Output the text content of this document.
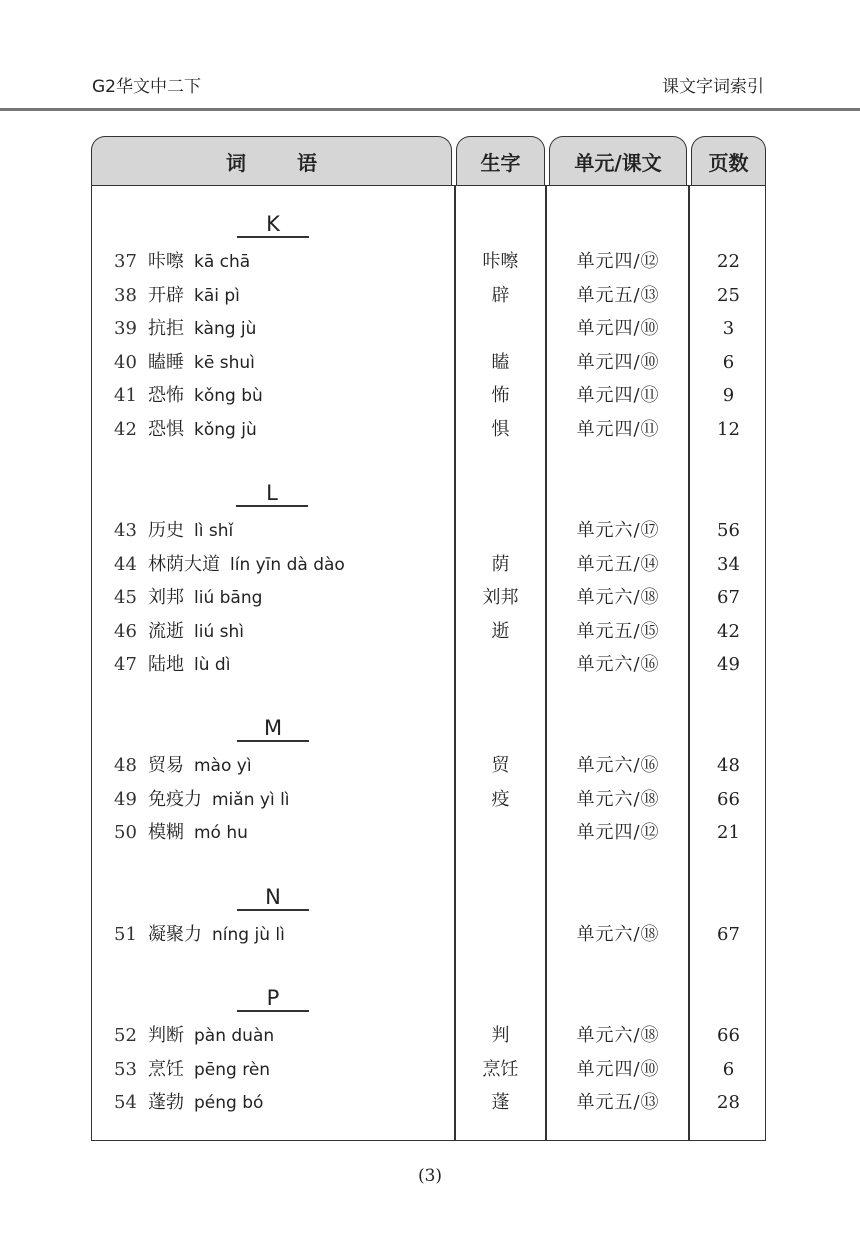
G2华文中二下	课文字词索引
词 语	生字	单元/课文	页数
K
37 咔嚓 kā chā	咔嚓	单元四/⑫	22
38 开辟 kāi pì	辟	单元五/⑬	25
39 抗拒 kàng jù	单元四/⑩	3
40 瞌睡 kē shuì	瞌	单元四/⑩	6
41 恐怖 kǒng bù	怖	单元四/⑪	9
42 恐惧 kǒng jù	惧	单元四/⑪	12
L
43 历史 lì shǐ	单元六/⑰	56
44 林荫大道 lín yīn dà dào	荫	单元五/⑭	34
45 刘邦 liú bāng	刘邦	单元六/⑱	67
46 流逝 liú shì	逝	单元五/⑮	42
47 陆地 lù dì	单元六/⑯	49
M
48 贸易 mào yì	贸	单元六/⑯	48
49 免疫力 miǎn yì lì	疫	单元六/⑱	66
50 模糊 mó hu	单元四/⑫	21
N
51 凝聚力 níng jù lì	单元六/⑱	67
P
52 判断 pàn duàn	判	单元六/⑱	66
53 烹饪 pēng rèn	烹饪	单元四/⑩	6
54 蓬勃 péng bó	蓬	单元五/⑬	28
(3)
